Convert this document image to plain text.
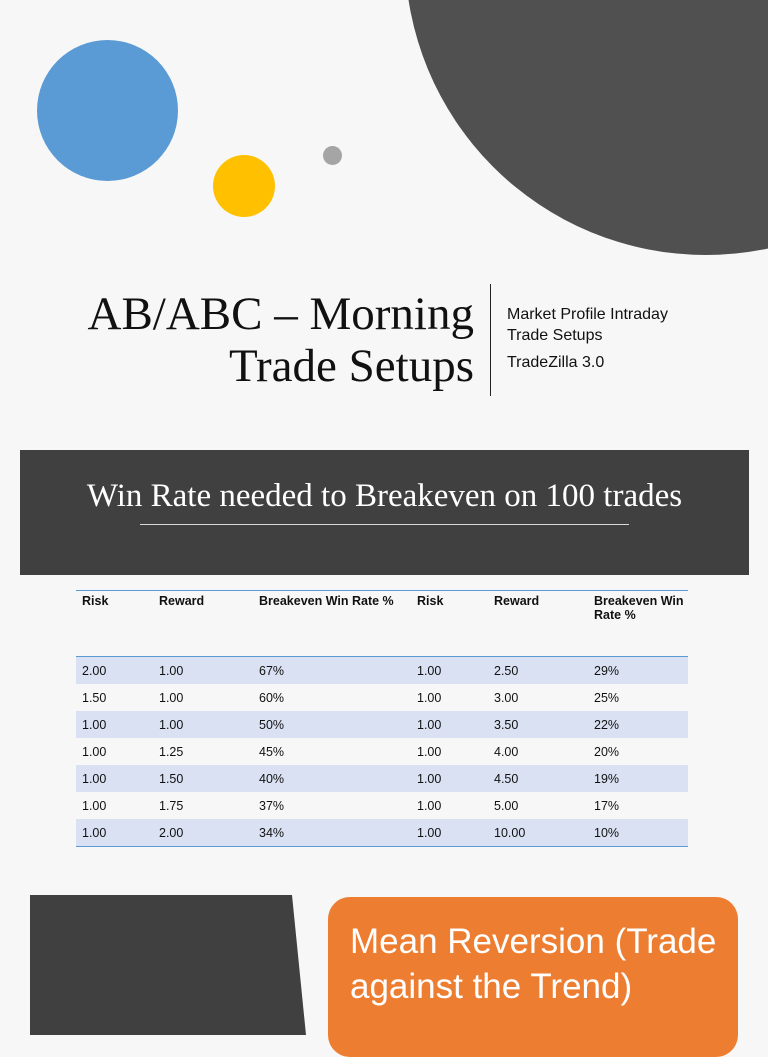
AB/ABC – Morning
Trade Setups
Market Profile Intraday
Trade Setups
TradeZilla 3.0
Win Rate needed to Breakeven on 100 trades
Risk	Reward	Breakeven Win Rate %	Risk	Reward	Breakeven Win Rate %
2.00	1.00	67%	1.00	2.50	29%
1.50	1.00	60%	1.00	3.00	25%
1.00	1.00	50%	1.00	3.50	22%
1.00	1.25	45%	1.00	4.00	20%
1.00	1.50	40%	1.00	4.50	19%
1.00	1.75	37%	1.00	5.00	17%
1.00	2.00	34%	1.00	10.00	10%
Mean Reversion (Trade against the Trend)
